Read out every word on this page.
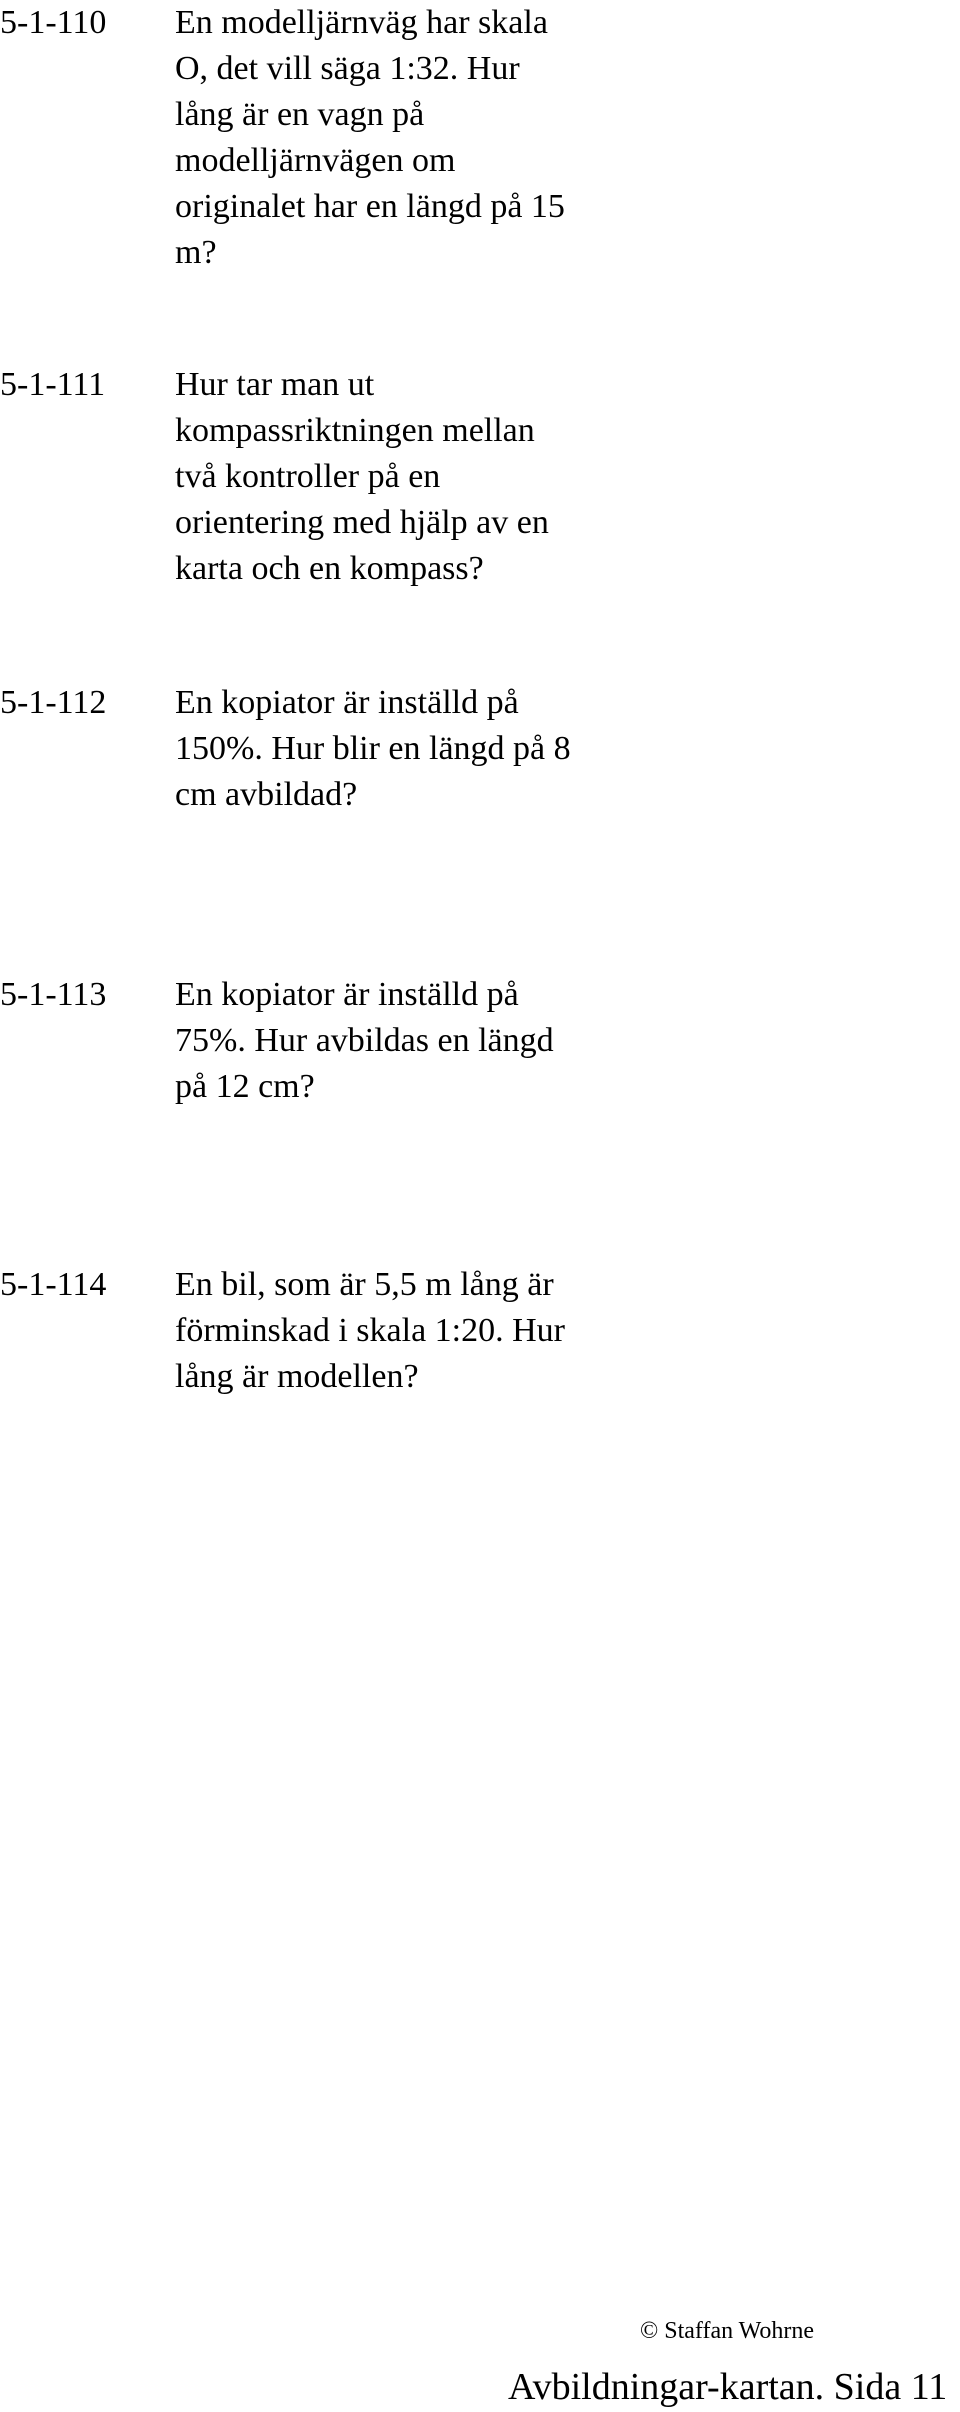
5-1-110 En modelljärnväg har skala
O, det vill säga 1:32. Hur
lång är en vagn på
modelljärnvägen om
originalet har en längd på 15
m?
5-1-111 Hur tar man ut
kompassriktningen mellan
två kontroller på en
orientering med hjälp av en
karta och en kompass?
5-1-112 En kopiator är inställd på
150%. Hur blir en längd på 8
cm avbildad?
5-1-113 En kopiator är inställd på
75%. Hur avbildas en längd
på 12 cm?
5-1-114 En bil, som är 5,5 m lång är
förminskad i skala 1:20. Hur
lång är modellen?
© Staffan Wohrne
Avbildningar-kartan. Sida 11
